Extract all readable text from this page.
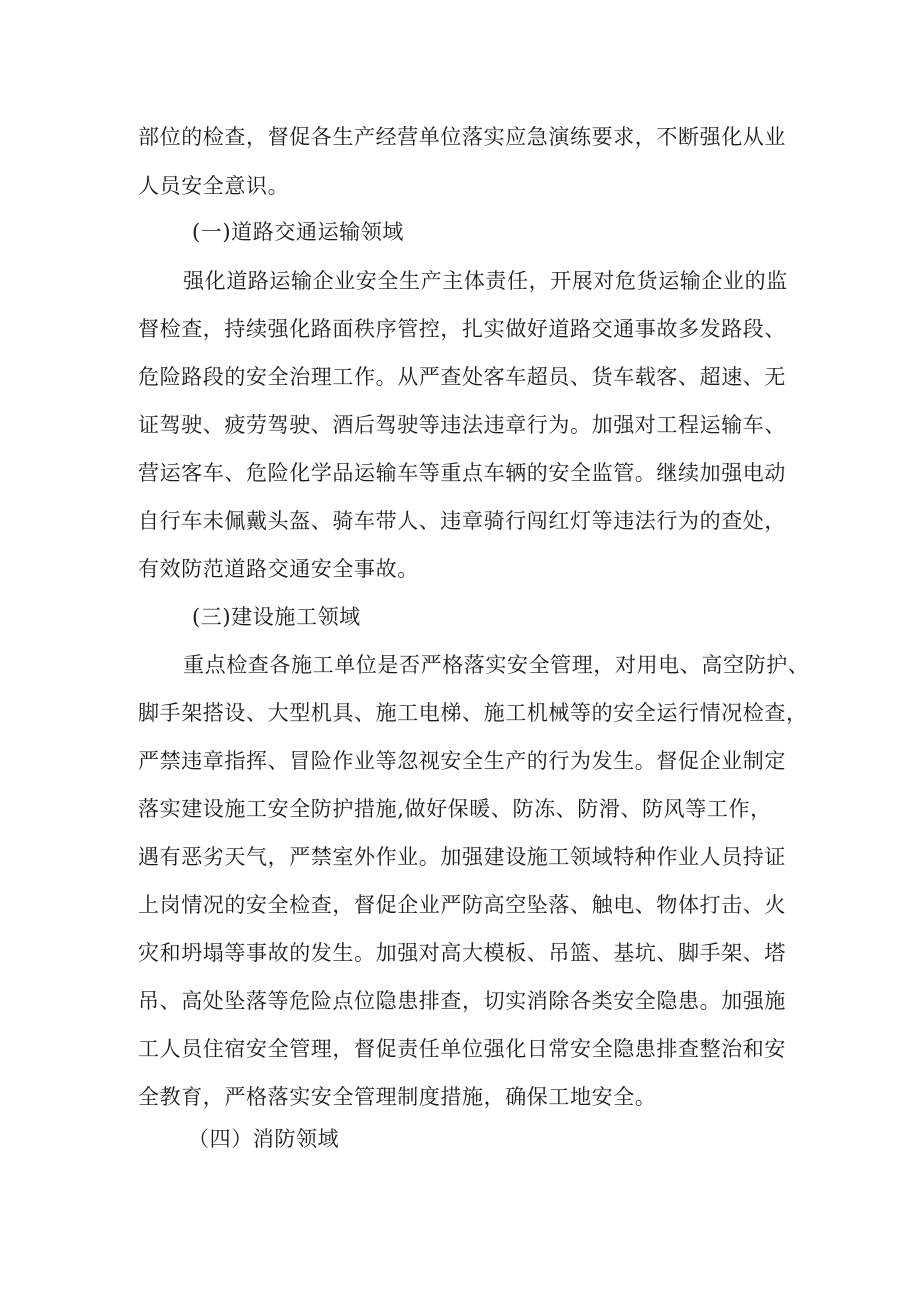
部位的检查，督促各生产经营单位落实应急演练要求，不断强化从业
人员安全意识。
(一)道路交通运输领域
强化道路运输企业安全生产主体责任，开展对危货运输企业的监
督检查，持续强化路面秩序管控，扎实做好道路交通事故多发路段、
危险路段的安全治理工作。从严查处客车超员、货车载客、超速、无
证驾驶、疲劳驾驶、酒后驾驶等违法违章行为。加强对工程运输车、
营运客车、危险化学品运输车等重点车辆的安全监管。继续加强电动
自行车未佩戴头盔、骑车带人、违章骑行闯红灯等违法行为的查处，
有效防范道路交通安全事故。
(三)建设施工领域
重点检查各施工单位是否严格落实安全管理，对用电、高空防护、
脚手架搭设、大型机具、施工电梯、施工机械等的安全运行情况检查，
严禁违章指挥、冒险作业等忽视安全生产的行为发生。督促企业制定
落实建设施工安全防护措施,做好保暖、防冻、防滑、防风等工作，
遇有恶劣天气，严禁室外作业。加强建设施工领域特种作业人员持证
上岗情况的安全检查，督促企业严防高空坠落、触电、物体打击、火
灾和坍塌等事故的发生。加强对高大模板、吊篮、基坑、脚手架、塔
吊、高处坠落等危险点位隐患排查，切实消除各类安全隐患。加强施
工人员住宿安全管理，督促责任单位强化日常安全隐患排查整治和安
全教育，严格落实安全管理制度措施，确保工地安全。
（四）消防领域
